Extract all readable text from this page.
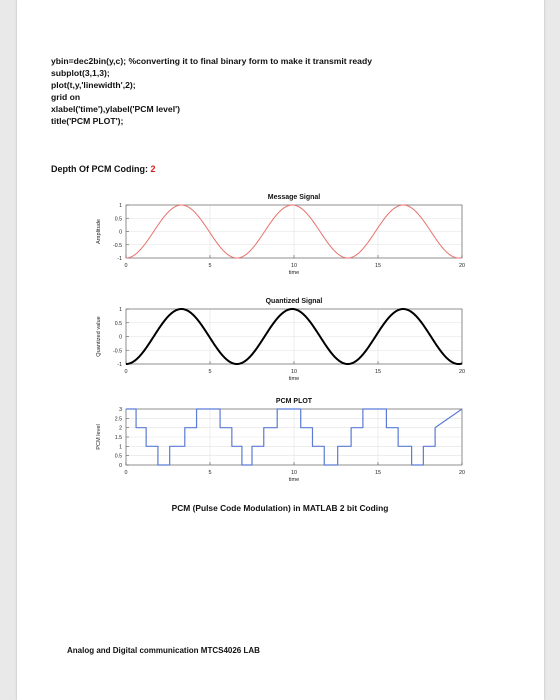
ybin=dec2bin(y,c); %converting it to final binary form to make it transmit ready
subplot(3,1,3);
plot(t,y,'linewidth',2);
grid on
xlabel('time'),ylabel('PCM level')
title('PCM PLOT');
Depth Of PCM Coding: 2
Message Signal
1
0.5
0
-0.5
-1
0	5	10	15	20
time
Amplitude
Quantized Signal
1
0.5
0
-0.5
-1
0	5	10	15	20
time
Quantized value
PCM PLOT
3
2.5
2
1.5
1
0.5
0
0	5	10	15	20
time
PCM level
PCM (Pulse Code Modulation) in MATLAB 2 bit Coding
Analog and Digital communication MTCS4026 LAB
